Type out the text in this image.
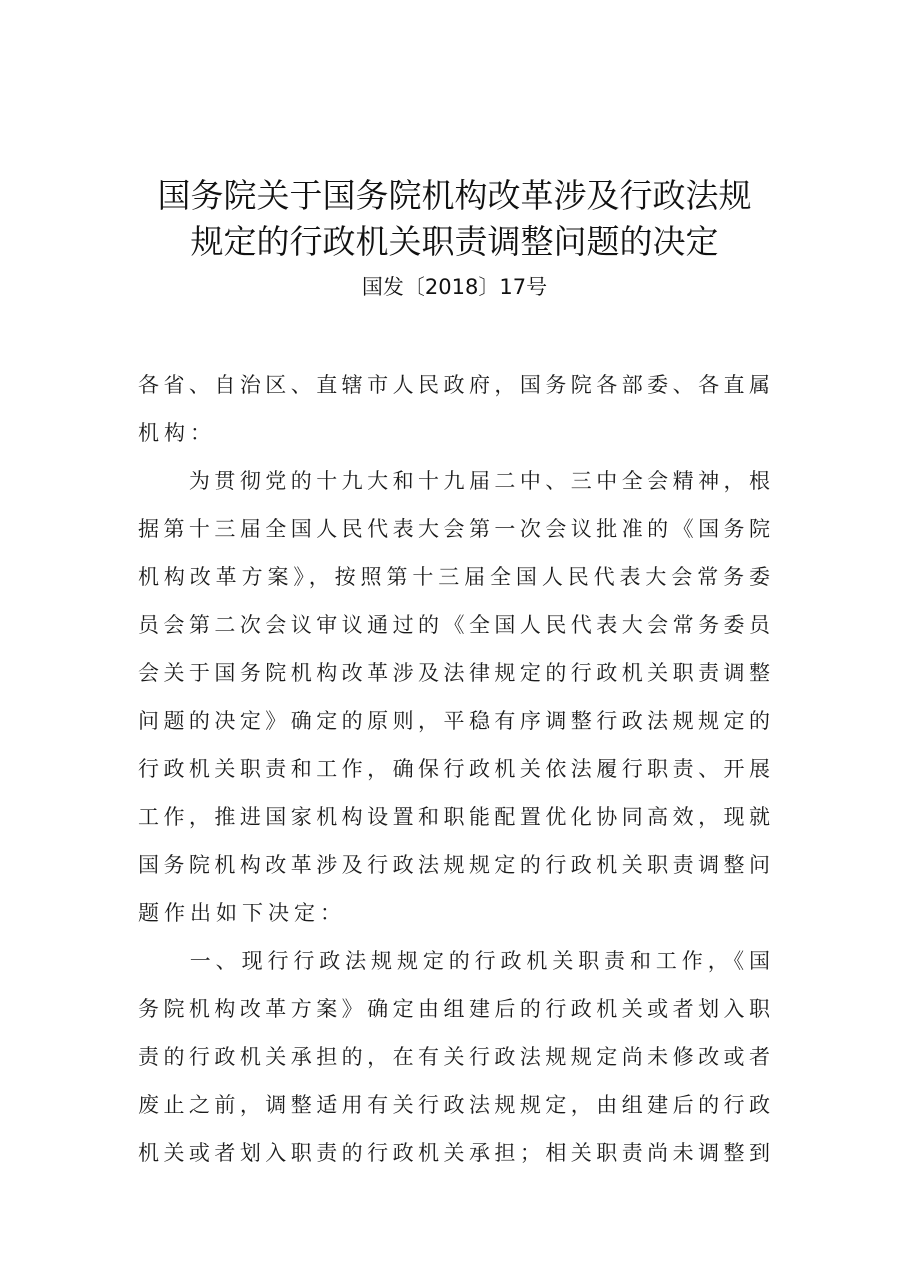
国务院关于国务院机构改革涉及行政法规
规定的行政机关职责调整问题的决定
国发〔2018〕17号
各省、自治区、直辖市人民政府，国务院各部委、各直属
机构：
　　为贯彻党的十九大和十九届二中、三中全会精神，根
据第十三届全国人民代表大会第一次会议批准的《国务院
机构改革方案》，按照第十三届全国人民代表大会常务委
员会第二次会议审议通过的《全国人民代表大会常务委员
会关于国务院机构改革涉及法律规定的行政机关职责调整
问题的决定》确定的原则，平稳有序调整行政法规规定的
行政机关职责和工作，确保行政机关依法履行职责、开展
工作，推进国家机构设置和职能配置优化协同高效，现就
国务院机构改革涉及行政法规规定的行政机关职责调整问
题作出如下决定：
　　一、现行行政法规规定的行政机关职责和工作，《国
务院机构改革方案》确定由组建后的行政机关或者划入职
责的行政机关承担的，在有关行政法规规定尚未修改或者
废止之前，调整适用有关行政法规规定，由组建后的行政
机关或者划入职责的行政机关承担；相关职责尚未调整到
